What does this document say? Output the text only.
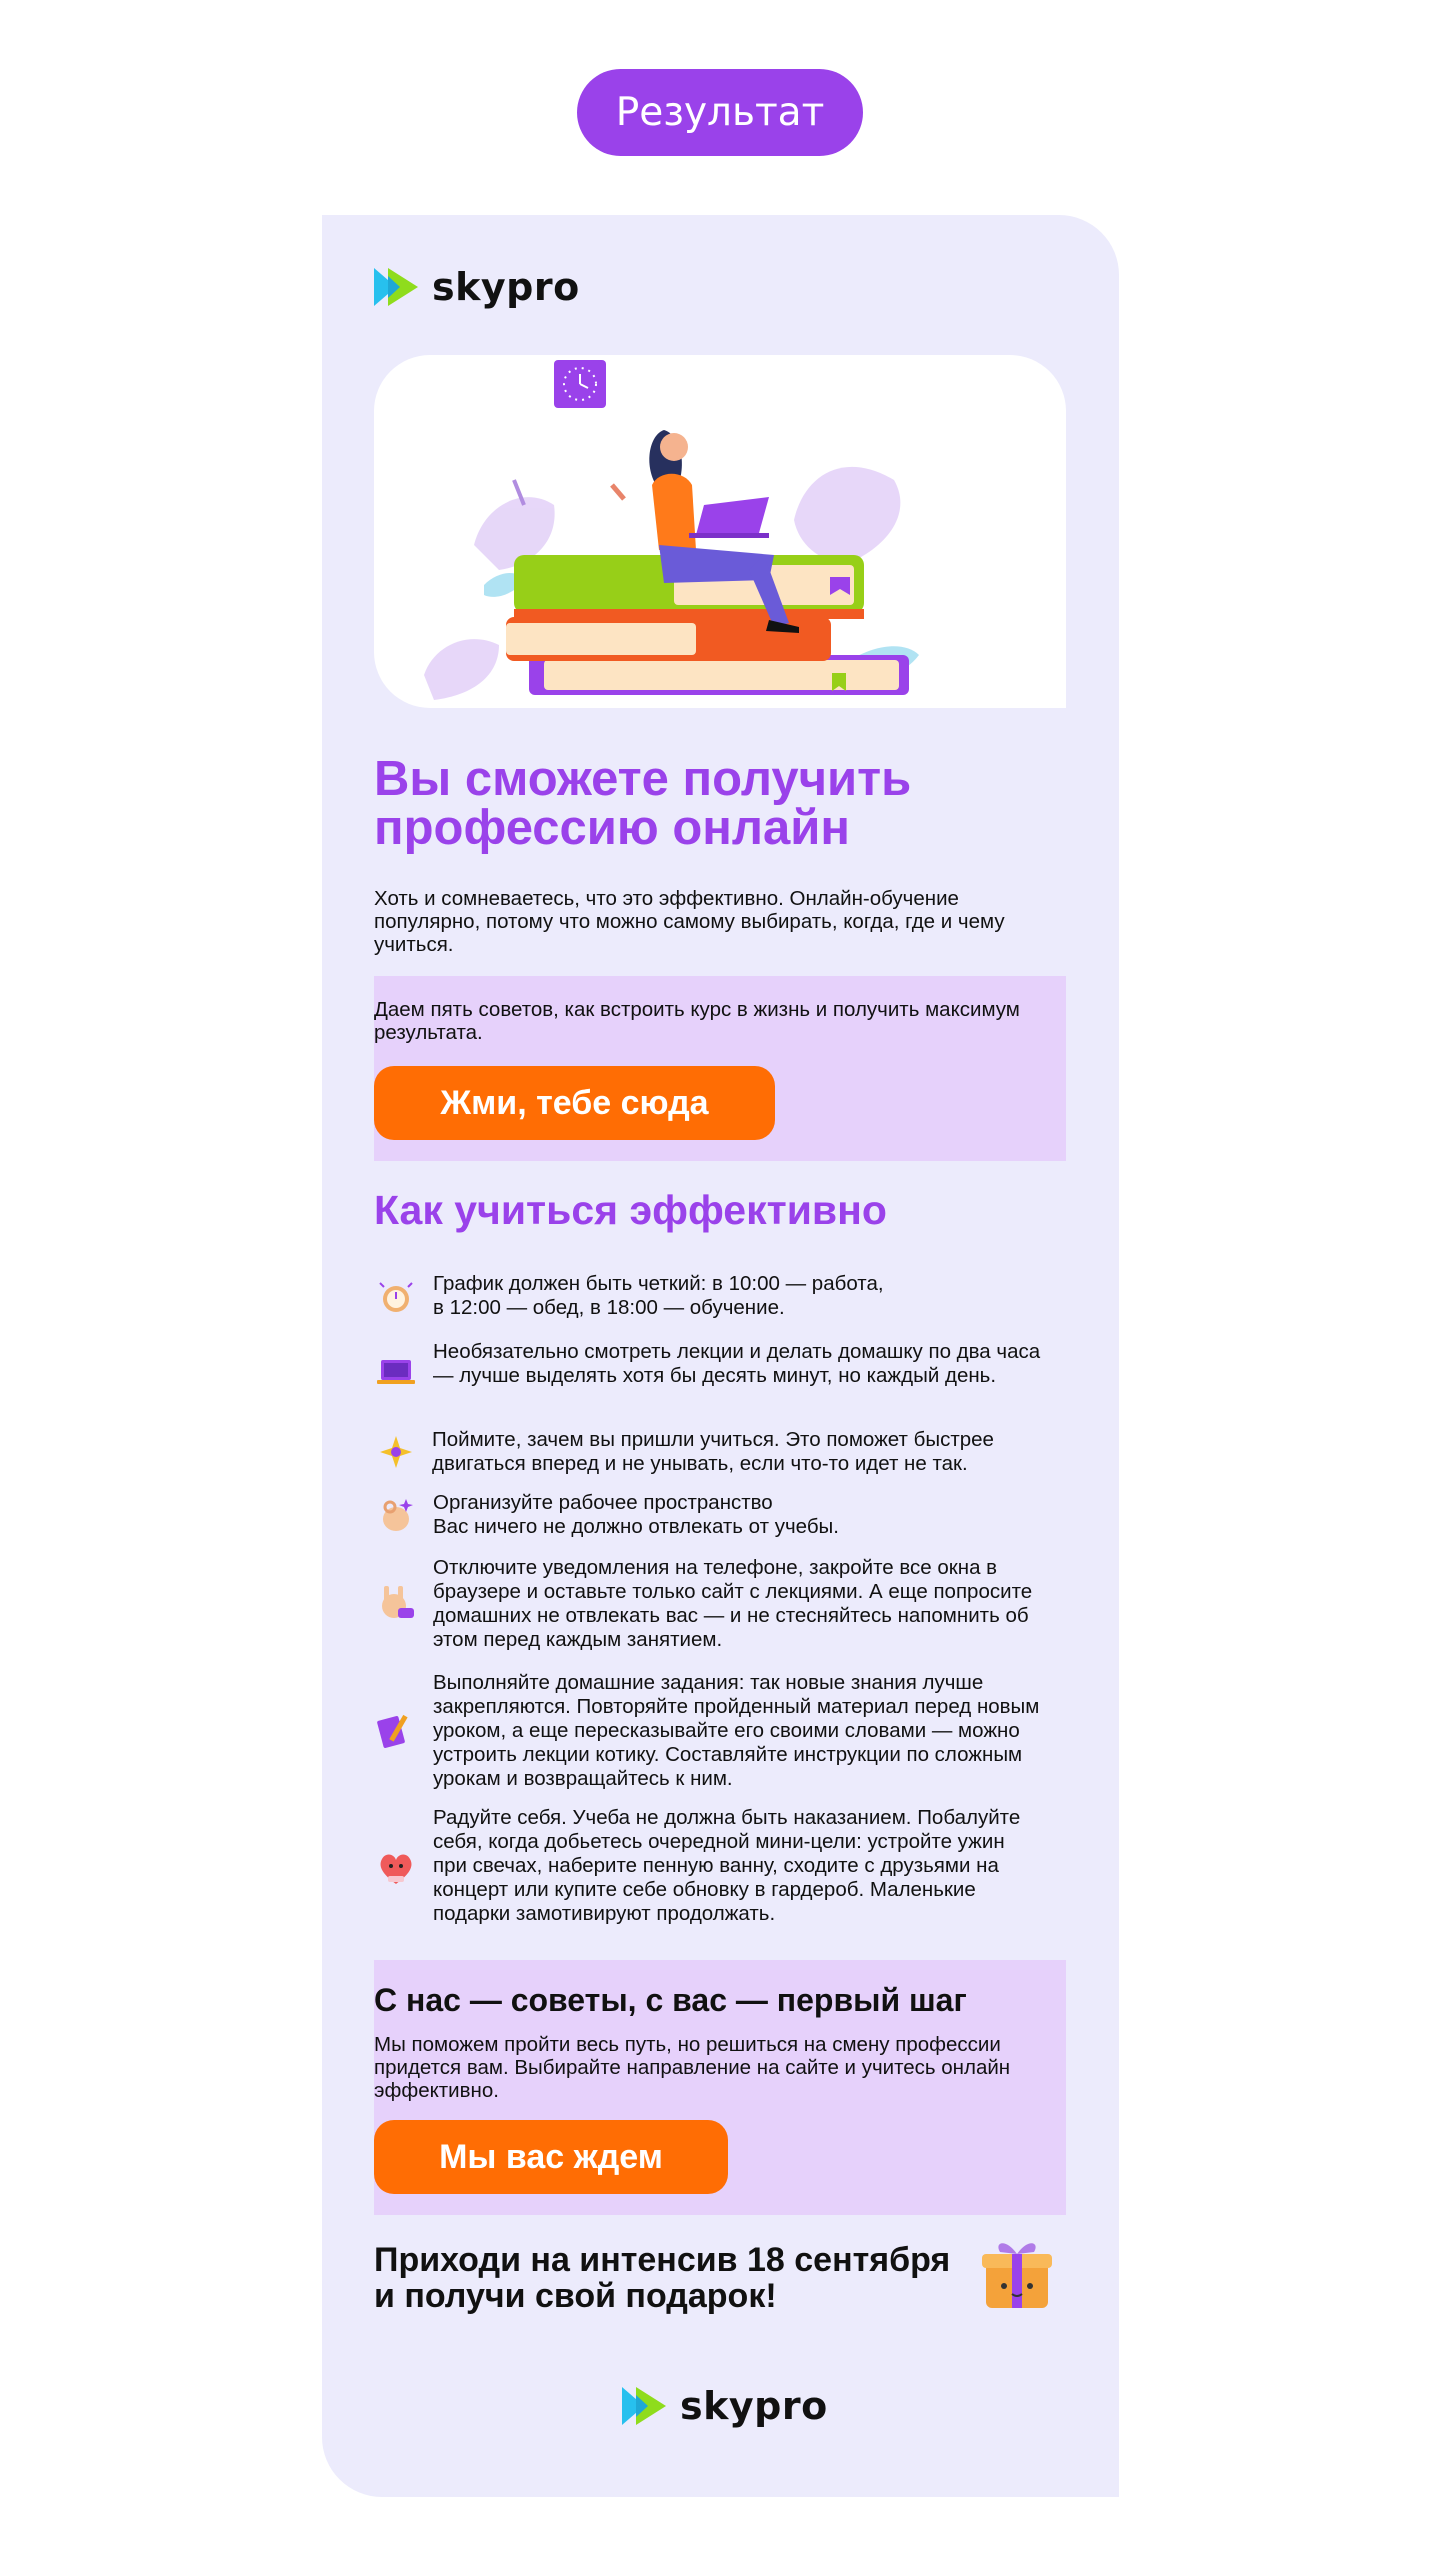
Результат
skypro
Вы сможете получить профессию онлайн
Хоть и сомневаетесь, что это эффективно. Онлайн-обучение популярно, потому что можно самому выбирать, когда, где и чему учиться.
Даем пять советов, как встроить курс в жизнь и получить максимум результата.
Жми, тебе сюда
Как учиться эффективно
График должен быть четкий: в 10:00 — работа,
в 12:00 — обед, в 18:00 — обучение.
Необязательно смотреть лекции и делать домашку по два часа — лучше выделять хотя бы десять минут, но каждый день.
Поймите, зачем вы пришли учиться. Это поможет быстрее двигаться вперед и не унывать, если что-то идет не так.
Организуйте рабочее пространство
Вас ничего не должно отвлекать от учебы.
Отключите уведомления на телефоне, закройте все окна в браузере и оставьте только сайт с лекциями. А еще попросите домашних не отвлекать вас — и не стесняйтесь напомнить об этом перед каждым занятием.
Выполняйте домашние задания: так новые знания лучше закрепляются. Повторяйте пройденный материал перед новым уроком, а еще пересказывайте его своими словами — можно устроить лекции котику. Составляйте инструкции по сложным урокам и возвращайтесь к ним.
Радуйте себя. Учеба не должна быть наказанием. Побалуйте себя, когда добьетесь очередной мини-цели: устройте ужин при свечах, наберите пенную ванну, сходите с друзьями на концерт или купите себе обновку в гардероб. Маленькие подарки замотивируют продолжать.
С нас — советы, с вас — первый шаг
Мы поможем пройти весь путь, но решиться на смену профессии придется вам. Выбирайте направление на сайте и учитесь онлайн эффективно.
Мы вас ждем
Приходи на интенсив 18 сентября и получи свой подарок!
skypro
